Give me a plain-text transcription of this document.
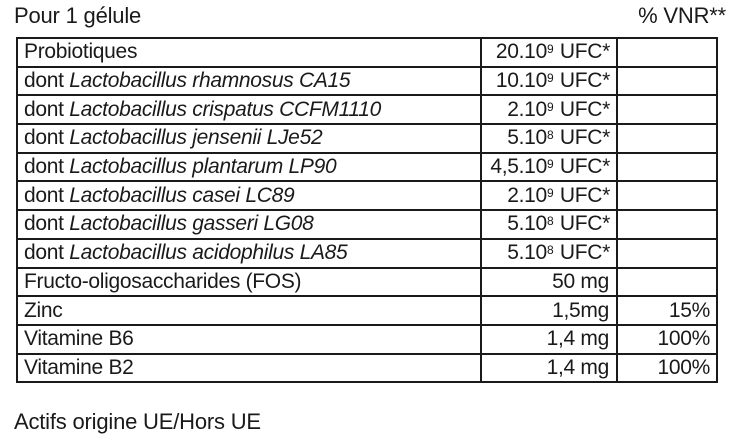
Pour 1 gélule	% VNR**
Probiotiques	20.10$^9$ UFC*	
dont Lactobacillus rhamnosus CA15	10.10$^9$ UFC*	
dont Lactobacillus crispatus CCFM1110	2.10$^9$ UFC*	
dont Lactobacillus jensenii LJe52	5.10$^8$ UFC*	
dont Lactobacillus plantarum LP90	4,5.10$^9$ UFC*	
dont Lactobacillus casei LC89	2.10$^9$ UFC*	
dont Lactobacillus gasseri LG08	5.10$^8$ UFC*	
dont Lactobacillus acidophilus LA85	5.10$^8$ UFC*	
Fructo-oligosaccharides (FOS)	50 mg	
Zinc	1,5mg	15%
Vitamine B6	1,4 mg	100%
Vitamine B2	1,4 mg	100%
Actifs origine UE/Hors UE
